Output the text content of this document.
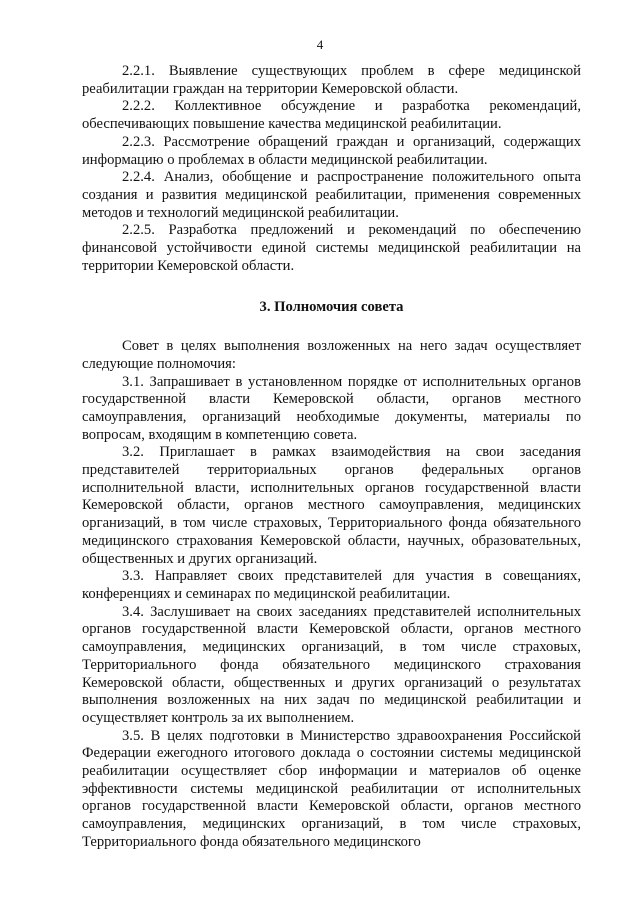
4

2.2.1. Выявление существующих проблем в сфере медицинской реабилитации граждан на территории Кемеровской области.

2.2.2. Коллективное обсуждение и разработка рекомендаций, обеспечивающих повышение качества медицинской реабилитации.

2.2.3. Рассмотрение обращений граждан и организаций, содержащих информацию о проблемах в области медицинской реабилитации.

2.2.4. Анализ, обобщение и распространение положительного опыта создания и развития медицинской реабилитации, применения современных методов и технологий медицинской реабилитации.

2.2.5. Разработка предложений и рекомендаций по обеспечению финансовой устойчивости единой системы медицинской реабилитации на территории Кемеровской области.

3. Полномочия совета

Совет в целях выполнения возложенных на него задач осуществляет следующие полномочия:

3.1. Запрашивает в установленном порядке от исполнительных органов государственной власти Кемеровской области, органов местного самоуправления, организаций необходимые документы, материалы по вопросам, входящим в компетенцию совета.

3.2. Приглашает в рамках взаимодействия на свои заседания представителей территориальных органов федеральных органов исполнительной власти, исполнительных органов государственной власти Кемеровской области, органов местного самоуправления, медицинских организаций, в том числе страховых, Территориального фонда обязательного медицинского страхования Кемеровской области, научных, образовательных, общественных и других организаций.

3.3. Направляет своих представителей для участия в совещаниях, конференциях и семинарах по медицинской реабилитации.

3.4. Заслушивает на своих заседаниях представителей исполнительных органов государственной власти Кемеровской области, органов местного самоуправления, медицинских организаций, в том числе страховых, Территориального фонда обязательного медицинского страхования Кемеровской области, общественных и других организаций о результатах выполнения возложенных на них задач по медицинской реабилитации и осуществляет контроль за их выполнением.

3.5. В целях подготовки в Министерство здравоохранения Российской Федерации ежегодного итогового доклада о состоянии системы медицинской реабилитации осуществляет сбор информации и материалов об оценке эффективности системы медицинской реабилитации от исполнительных органов государственной власти Кемеровской области, органов местного самоуправления, медицинских организаций, в том числе страховых, Территориального фонда обязательного медицинского
